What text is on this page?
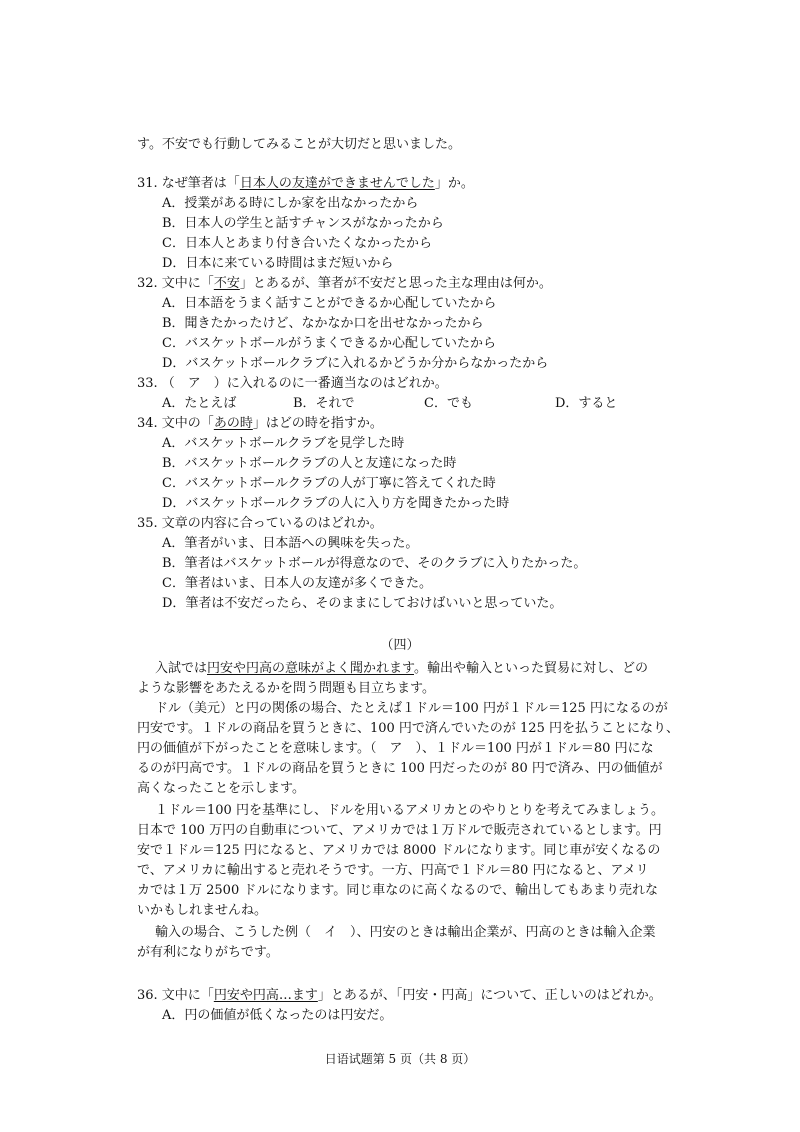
す。不安でも行動してみることが大切だと思いました。
31. なぜ筆者は「日本人の友達ができませんでした」か。
A．授業がある時にしか家を出なかったから
B．日本人の学生と話すチャンスがなかったから
C．日本人とあまり付き合いたくなかったから
D．日本に来ている時間はまだ短いから
32. 文中に「不安」とあるが、筆者が不安だと思った主な理由は何か。
A．日本語をうまく話すことができるか心配していたから
B．聞きたかったけど、なかなか口を出せなかったから
C．バスケットボールがうまくできるか心配していたから
D．バスケットボールクラブに入れるかどうか分からなかったから
33. （　ア　）に入れるのに一番適当なのはどれか。
A．たとえば	B．それで	C．でも	D．すると
34. 文中の「あの時」はどの時を指すか。
A．バスケットボールクラブを見学した時
B．バスケットボールクラブの人と友達になった時
C．バスケットボールクラブの人が丁寧に答えてくれた時
D．バスケットボールクラブの人に入り方を聞きたかった時
35. 文章の内容に合っているのはどれか。
A．筆者がいま、日本語への興味を失った。
B．筆者はバスケットボールが得意なので、そのクラブに入りたかった。
C．筆者はいま、日本人の友達が多くできた。
D．筆者は不安だったら、そのままにしておけばいいと思っていた。
（四）
入試では円安や円高の意味がよく聞かれます。輸出や輸入といった貿易に対し、どの
ような影響をあたえるかを問う問題も目立ちます。
ドル（美元）と円の関係の場合、たとえば１ドル＝100 円が１ドル＝125 円になるのが
円安です。１ドルの商品を買うときに、100 円で済んでいたのが 125 円を払うことになり、
円の価値が下がったことを意味します。（　ア　）、１ドル＝100 円が１ドル＝80 円にな
るのが円高です。１ドルの商品を買うときに 100 円だったのが 80 円で済み、円の価値が
高くなったことを示します。
１ドル＝100 円を基準にし、ドルを用いるアメリカとのやりとりを考えてみましょう。
日本で 100 万円の自動車について、アメリカでは１万ドルで販売されているとします。円
安で１ドル＝125 円になると、アメリカでは 8000 ドルになります。同じ車が安くなるの
で、アメリカに輸出すると売れそうです。一方、円高で１ドル＝80 円になると、アメリ
カでは１万 2500 ドルになります。同じ車なのに高くなるので、輸出してもあまり売れな
いかもしれませんね。
輸入の場合、こうした例（　イ　）、円安のときは輸出企業が、円高のときは輸入企業
が有利になりがちです。
36. 文中に「円安や円高…ます」とあるが、「円安・円高」について、正しいのはどれか。
A．円の価値が低くなったのは円安だ。
日语试题第 5 页（共 8 页）
